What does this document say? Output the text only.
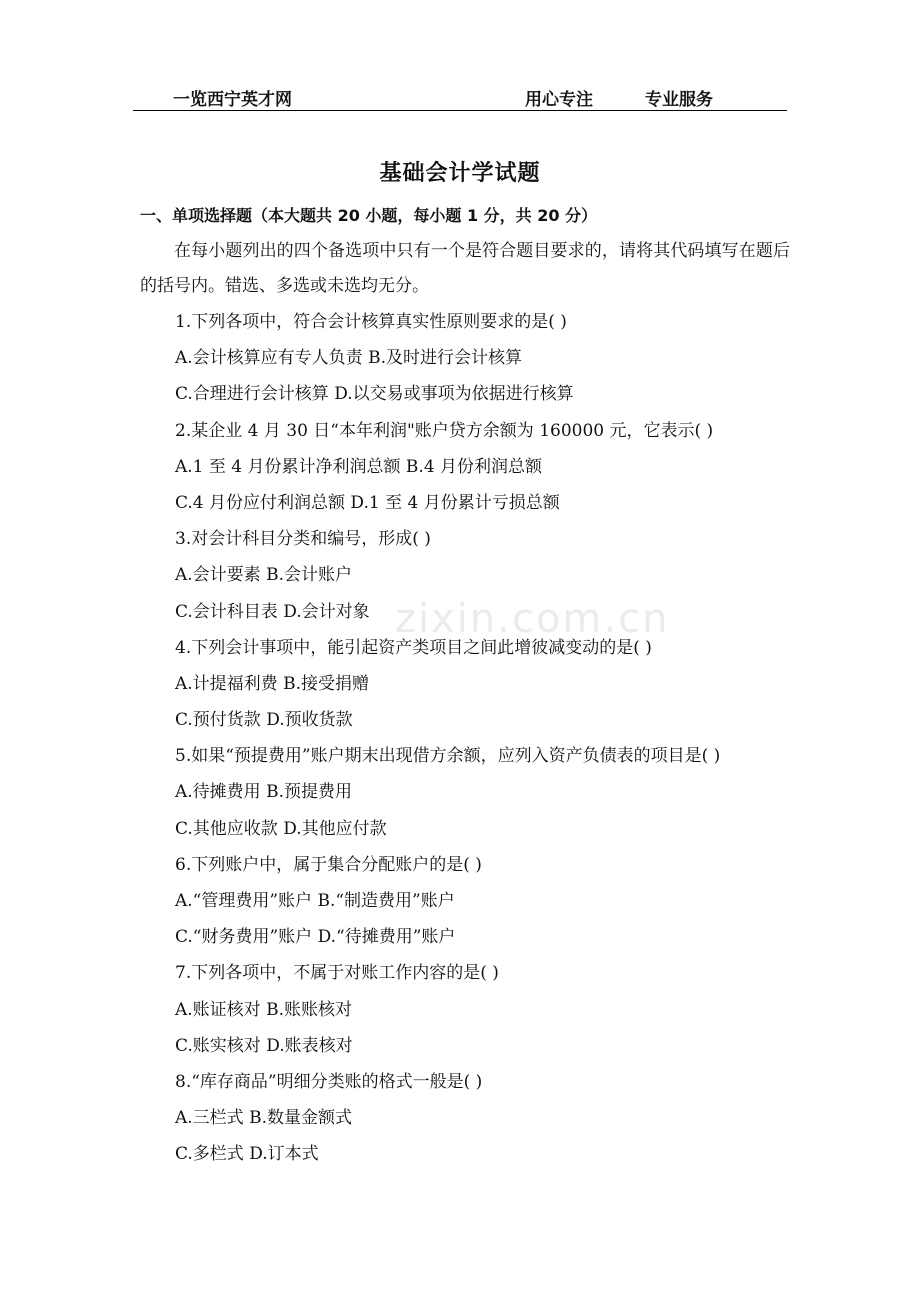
一览西宁英才网	用心专注	专业服务
基础会计学试题
一、单项选择题（本大题共 20 小题，每小题 1 分，共 20 分）
在每小题列出的四个备选项中只有一个是符合题目要求的，请将其代码填写在题后的括号内。错选、多选或未选均无分。
zixin.com.cn
1.下列各项中，符合会计核算真实性原则要求的是( )
A.会计核算应有专人负责 B.及时进行会计核算
C.合理进行会计核算 D.以交易或事项为依据进行核算
2.某企业 4 月 30 日“本年利润"账户贷方余额为 160000 元，它表示( )
A.1 至 4 月份累计净利润总额 B.4 月份利润总额
C.4 月份应付利润总额 D.1 至 4 月份累计亏损总额
3.对会计科目分类和编号，形成( )
A.会计要素 B.会计账户
C.会计科目表 D.会计对象
4.下列会计事项中，能引起资产类项目之间此增彼减变动的是( )
A.计提福利费 B.接受捐赠
C.预付货款 D.预收货款
5.如果“预提费用”账户期末出现借方余额，应列入资产负债表的项目是( )
A.待摊费用 B.预提费用
C.其他应收款 D.其他应付款
6.下列账户中，属于集合分配账户的是( )
A.“管理费用”账户 B.“制造费用”账户
C.“财务费用”账户 D.“待摊费用”账户
7.下列各项中，不属于对账工作内容的是( )
A.账证核对 B.账账核对
C.账实核对 D.账表核对
8.“库存商品”明细分类账的格式一般是( )
A.三栏式 B.数量金额式
C.多栏式 D.订本式
